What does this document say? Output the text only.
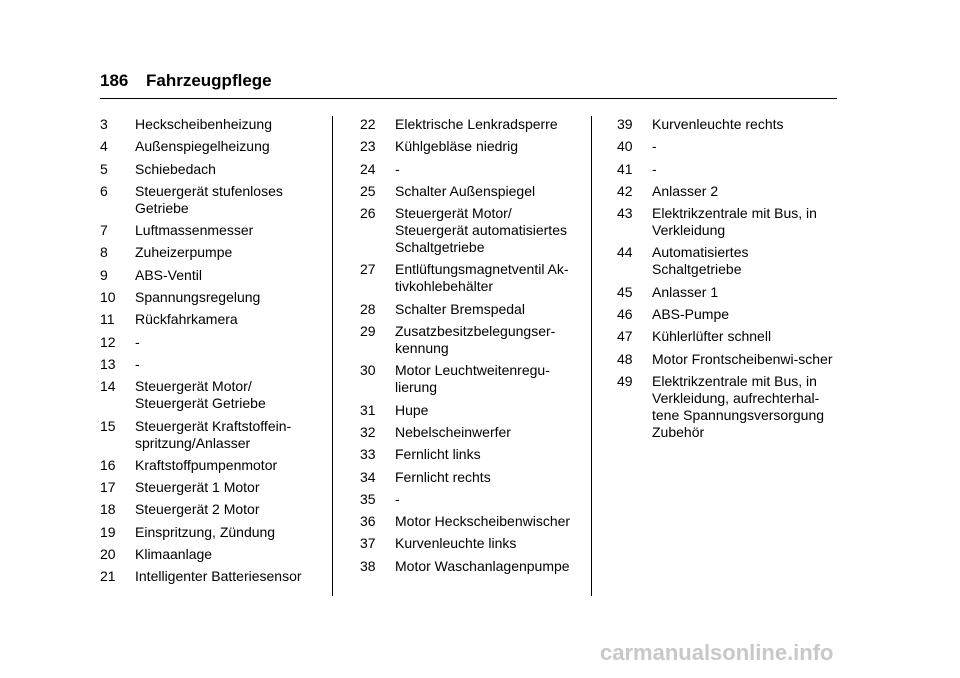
186	Fahrzeugpflege
3	Heckscheibenheizung
4	Außenspiegelheizung
5	Schiebedach
6	Steuergerät stufenloses Getriebe
7	Luftmassenmesser
8	Zuheizerpumpe
9	ABS-Ventil
10	Spannungsregelung
11	Rückfahrkamera
12	-
13	-
14	Steuergerät Motor/ Steuergerät Getriebe
15	Steuergerät Kraftstoffein-spritzung/Anlasser
16	Kraftstoffpumpenmotor
17	Steuergerät 1 Motor
18	Steuergerät 2 Motor
19	Einspritzung, Zündung
20	Klimaanlage
21	Intelligenter Batteriesensor
22	Elektrische Lenkradsperre
23	Kühlgebläse niedrig
24	-
25	Schalter Außenspiegel
26	Steuergerät Motor/ Steuergerät automatisiertes Schaltgetriebe
27	Entlüftungsmagnetventil Ak-tivkohlebehälter
28	Schalter Bremspedal
29	Zusatzbesitzbelegungser-kennung
30	Motor Leuchtweitenregu-lierung
31	Hupe
32	Nebelscheinwerfer
33	Fernlicht links
34	Fernlicht rechts
35	-
36	Motor Heckscheibenwischer
37	Kurvenleuchte links
38	Motor Waschanlagenpumpe
39	Kurvenleuchte rechts
40	-
41	-
42	Anlasser 2
43	Elektrikzentrale mit Bus, in Verkleidung
44	Automatisiertes Schaltgetriebe
45	Anlasser 1
46	ABS-Pumpe
47	Kühlerlüfter schnell
48	Motor Frontscheibenwi-scher
49	Elektrikzentrale mit Bus, in Verkleidung, aufrechterhal-tene Spannungsversorgung Zubehör
carmanualsonline.info
